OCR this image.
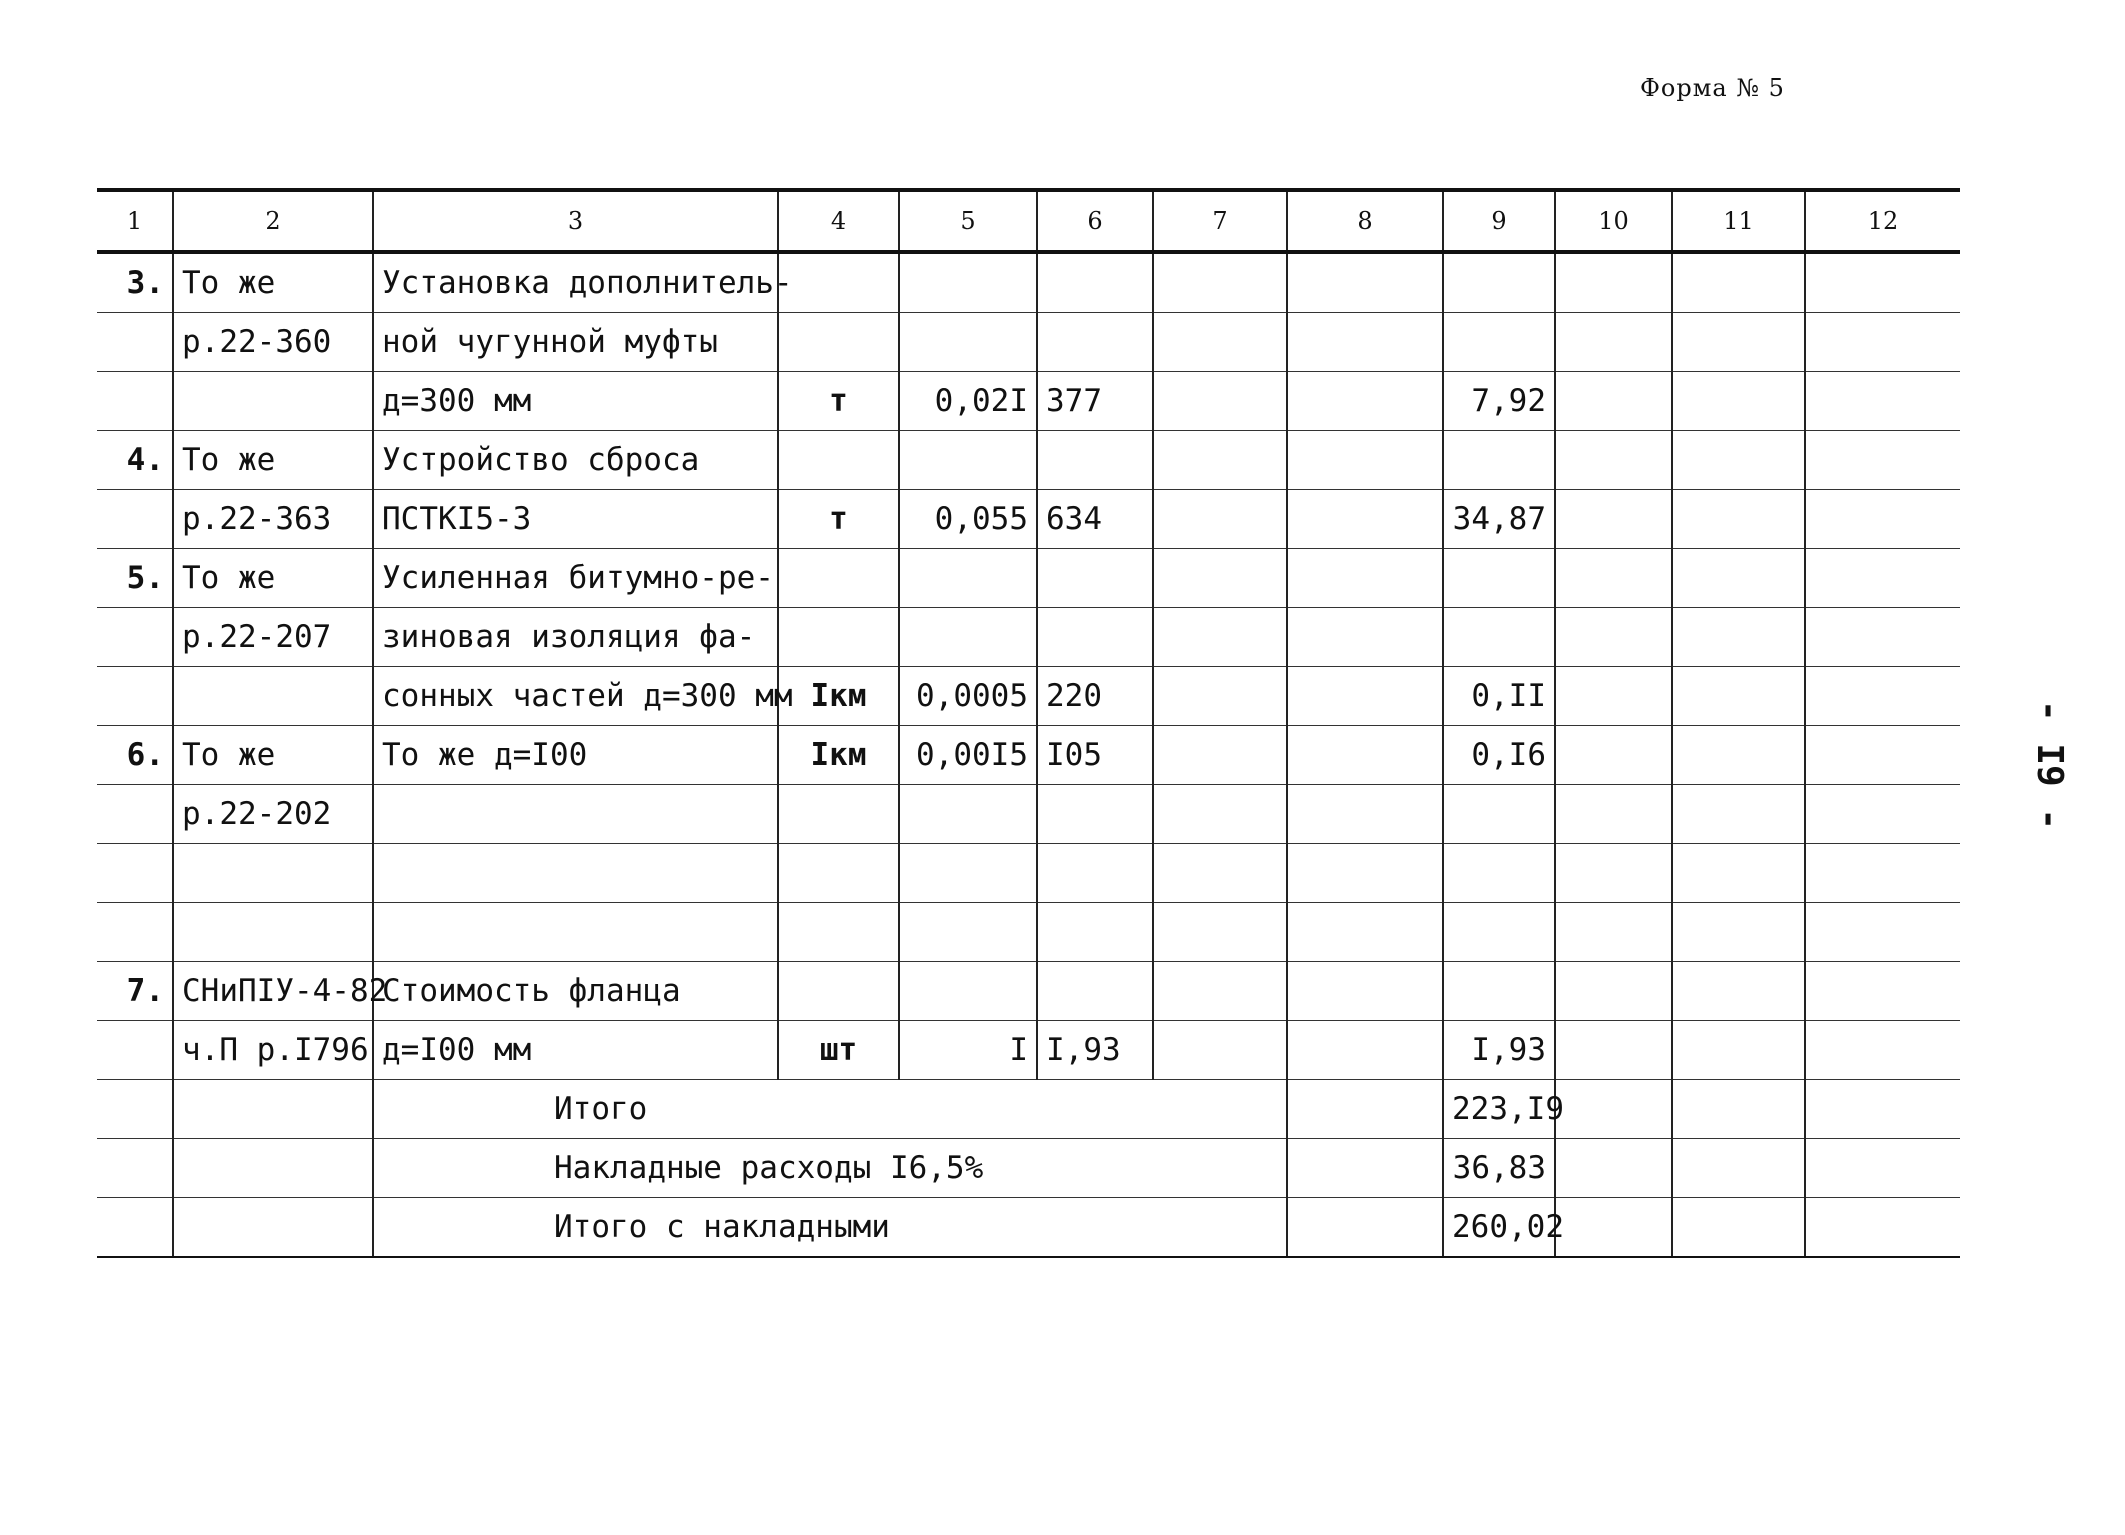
Форма № 5
1	2	3	4	5	6	7	8	9	10	11	12
3.	То же	Установка дополнитель-									
	р.22-360	ной чугунной муфты									
		д=300 мм	т	0,02I	377			7,92			
4.	То же	Устройство сброса									
	р.22-363	ПСТКI5-3	т	0,055	634			34,87			
5.	То же	Усиленная битумно-ре-									
	р.22-207	зиновая изоляция фа-									
		сонных частей д=300 мм	Iкм	0,0005	220			0,II			
6.	То же	То же д=I00	Iкм	0,00I5	I05			0,I6			
	р.22-202										

7.	СНиПIУ-4-82	Стоимость фланца									
	ч.П р.I796	д=I00 мм	шт	I	I,93			I,93			
		Итого						223,I9			
		Накладные расходы I6,5%						36,83			
		Итого с накладными						260,02			
- I9 -
